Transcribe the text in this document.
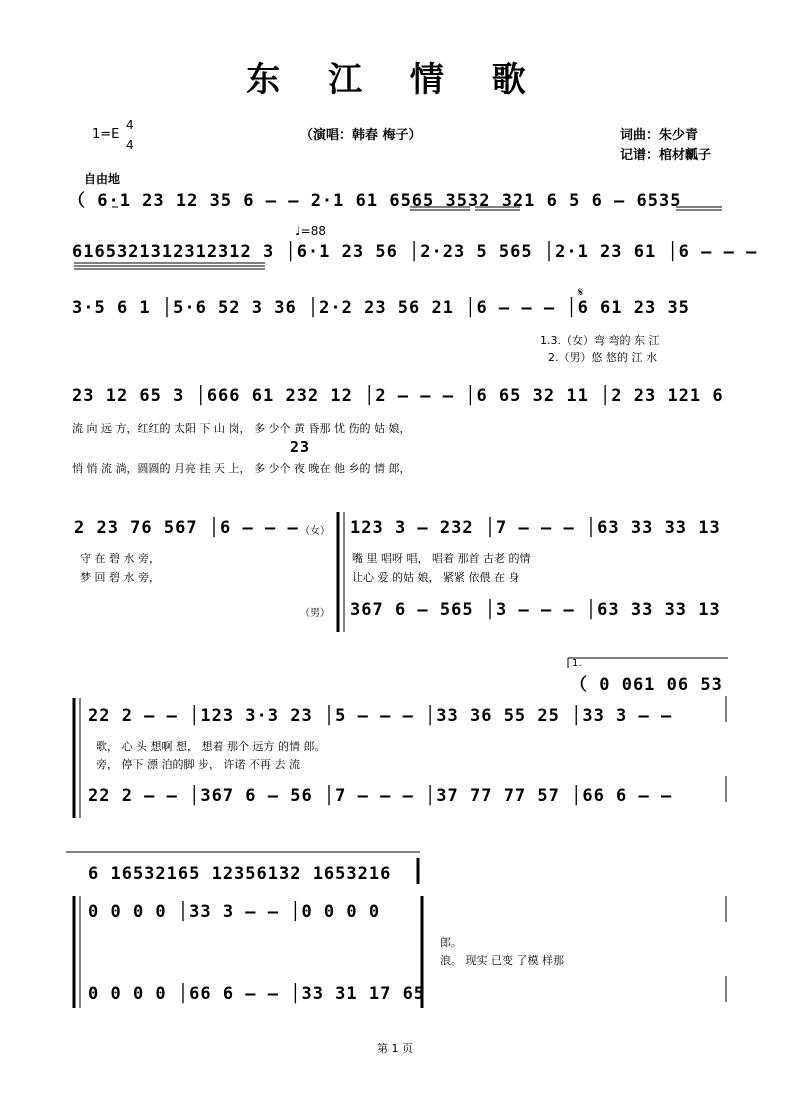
东 江 情 歌
1=E
4
4
（演唱：韩春 梅子）	词曲：朱少青
记谱：棺材瓤子
自由地
♩=88
（ 6·1 23 12 35 6 — — 2·1 61 6565 3532 321 6 5 6 — 6535
6165321312312312 3 │6·1 23 56 │2·23 5 565 │2·1 23 61 │6 — — —
3·5 6 1 │5·6 52 3 36 │2·2 23 56 21 │6 — — — │6 61 23 35
1.3.（女）弯 弯的 东 江
2.（男）悠 悠的 江 水
23 12 65 3 │666 61 232 12 │2 — — — │6 65 32 11 │2 23 121 6
流 向 远 方，红红的 太阳 下 山 岗， 多 少个 黄 昏那 忧 伤的 姑 娘，
23
悄 悄 流 淌，圆圆的 月亮 挂 天 上， 多 少个 夜 晚在 他 乡的 情 郎，
2 23 76 567 │6 — — — （女） 123 3 — 232 │7 — — — │63 33 33 13
守 在 碧 水 旁，
梦 回 碧 水 旁，
嘴 里 唱呀 唱， 唱着 那首 古老 的情
让心 爱 的姑 娘， 紧紧 依偎 在 身
（男） 367 6 — 565 │3 — — — │63 33 33 13
1.
（ 0 061 06 53
22 2 — — │123 3·3 23 │5 — — — │33 36 55 25 │33 3 — —
歌， 心 头 想啊 想， 想着 那个 远方 的情 郎。
旁， 停下 漂 泊的脚 步， 许诺 不再 去 流
22 2 — — │367 6 — 56 │7 — — — │37 77 77 57 │66 6 — —
6 16532165 12356132 1653216
0 0 0 0 │33 3 — — │0 0 0 0
郎。
浪。 现实 已变 了模 样那
0 0 0 0 │66 6 — — │33 31 17 65
第 1 页
𝄋
